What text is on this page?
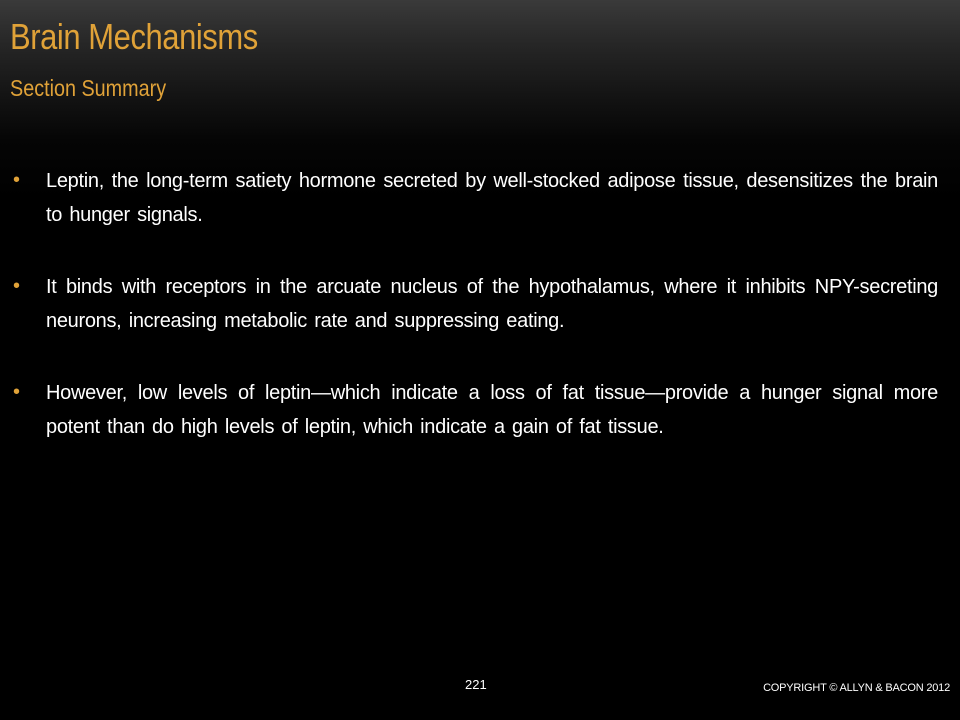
Brain Mechanisms
Section Summary
• Leptin, the long-term satiety hormone secreted by well-stocked adipose tissue, desensitizes the brain to hunger signals.
• It binds with receptors in the arcuate nucleus of the hypothalamus, where it inhibits NPY-secreting neurons, increasing metabolic rate and suppressing eating.
• However, low levels of leptin—which indicate a loss of fat tissue—provide a hunger signal more potent than do high levels of leptin, which indicate a gain of fat tissue.
221	COPYRIGHT © ALLYN & BACON 2012
